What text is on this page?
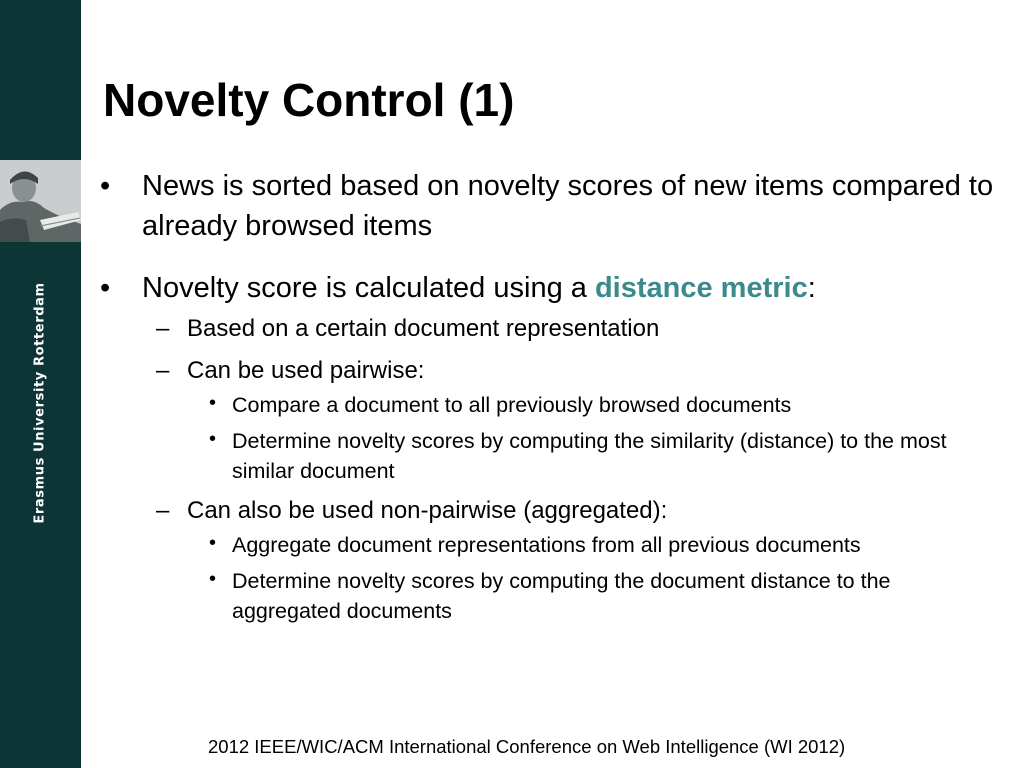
Erasmus University Rotterdam
Novelty Control (1)
• News is sorted based on novelty scores of new items compared to already browsed items
• Novelty score is calculated using a distance metric:
– Based on a certain document representation
– Can be used pairwise:
• Compare a document to all previously browsed documents
• Determine novelty scores by computing the similarity (distance) to the most similar document
– Can also be used non-pairwise (aggregated):
• Aggregate document representations from all previous documents
• Determine novelty scores by computing the document distance to the aggregated documents
2012 IEEE/WIC/ACM International Conference on Web Intelligence (WI 2012)
